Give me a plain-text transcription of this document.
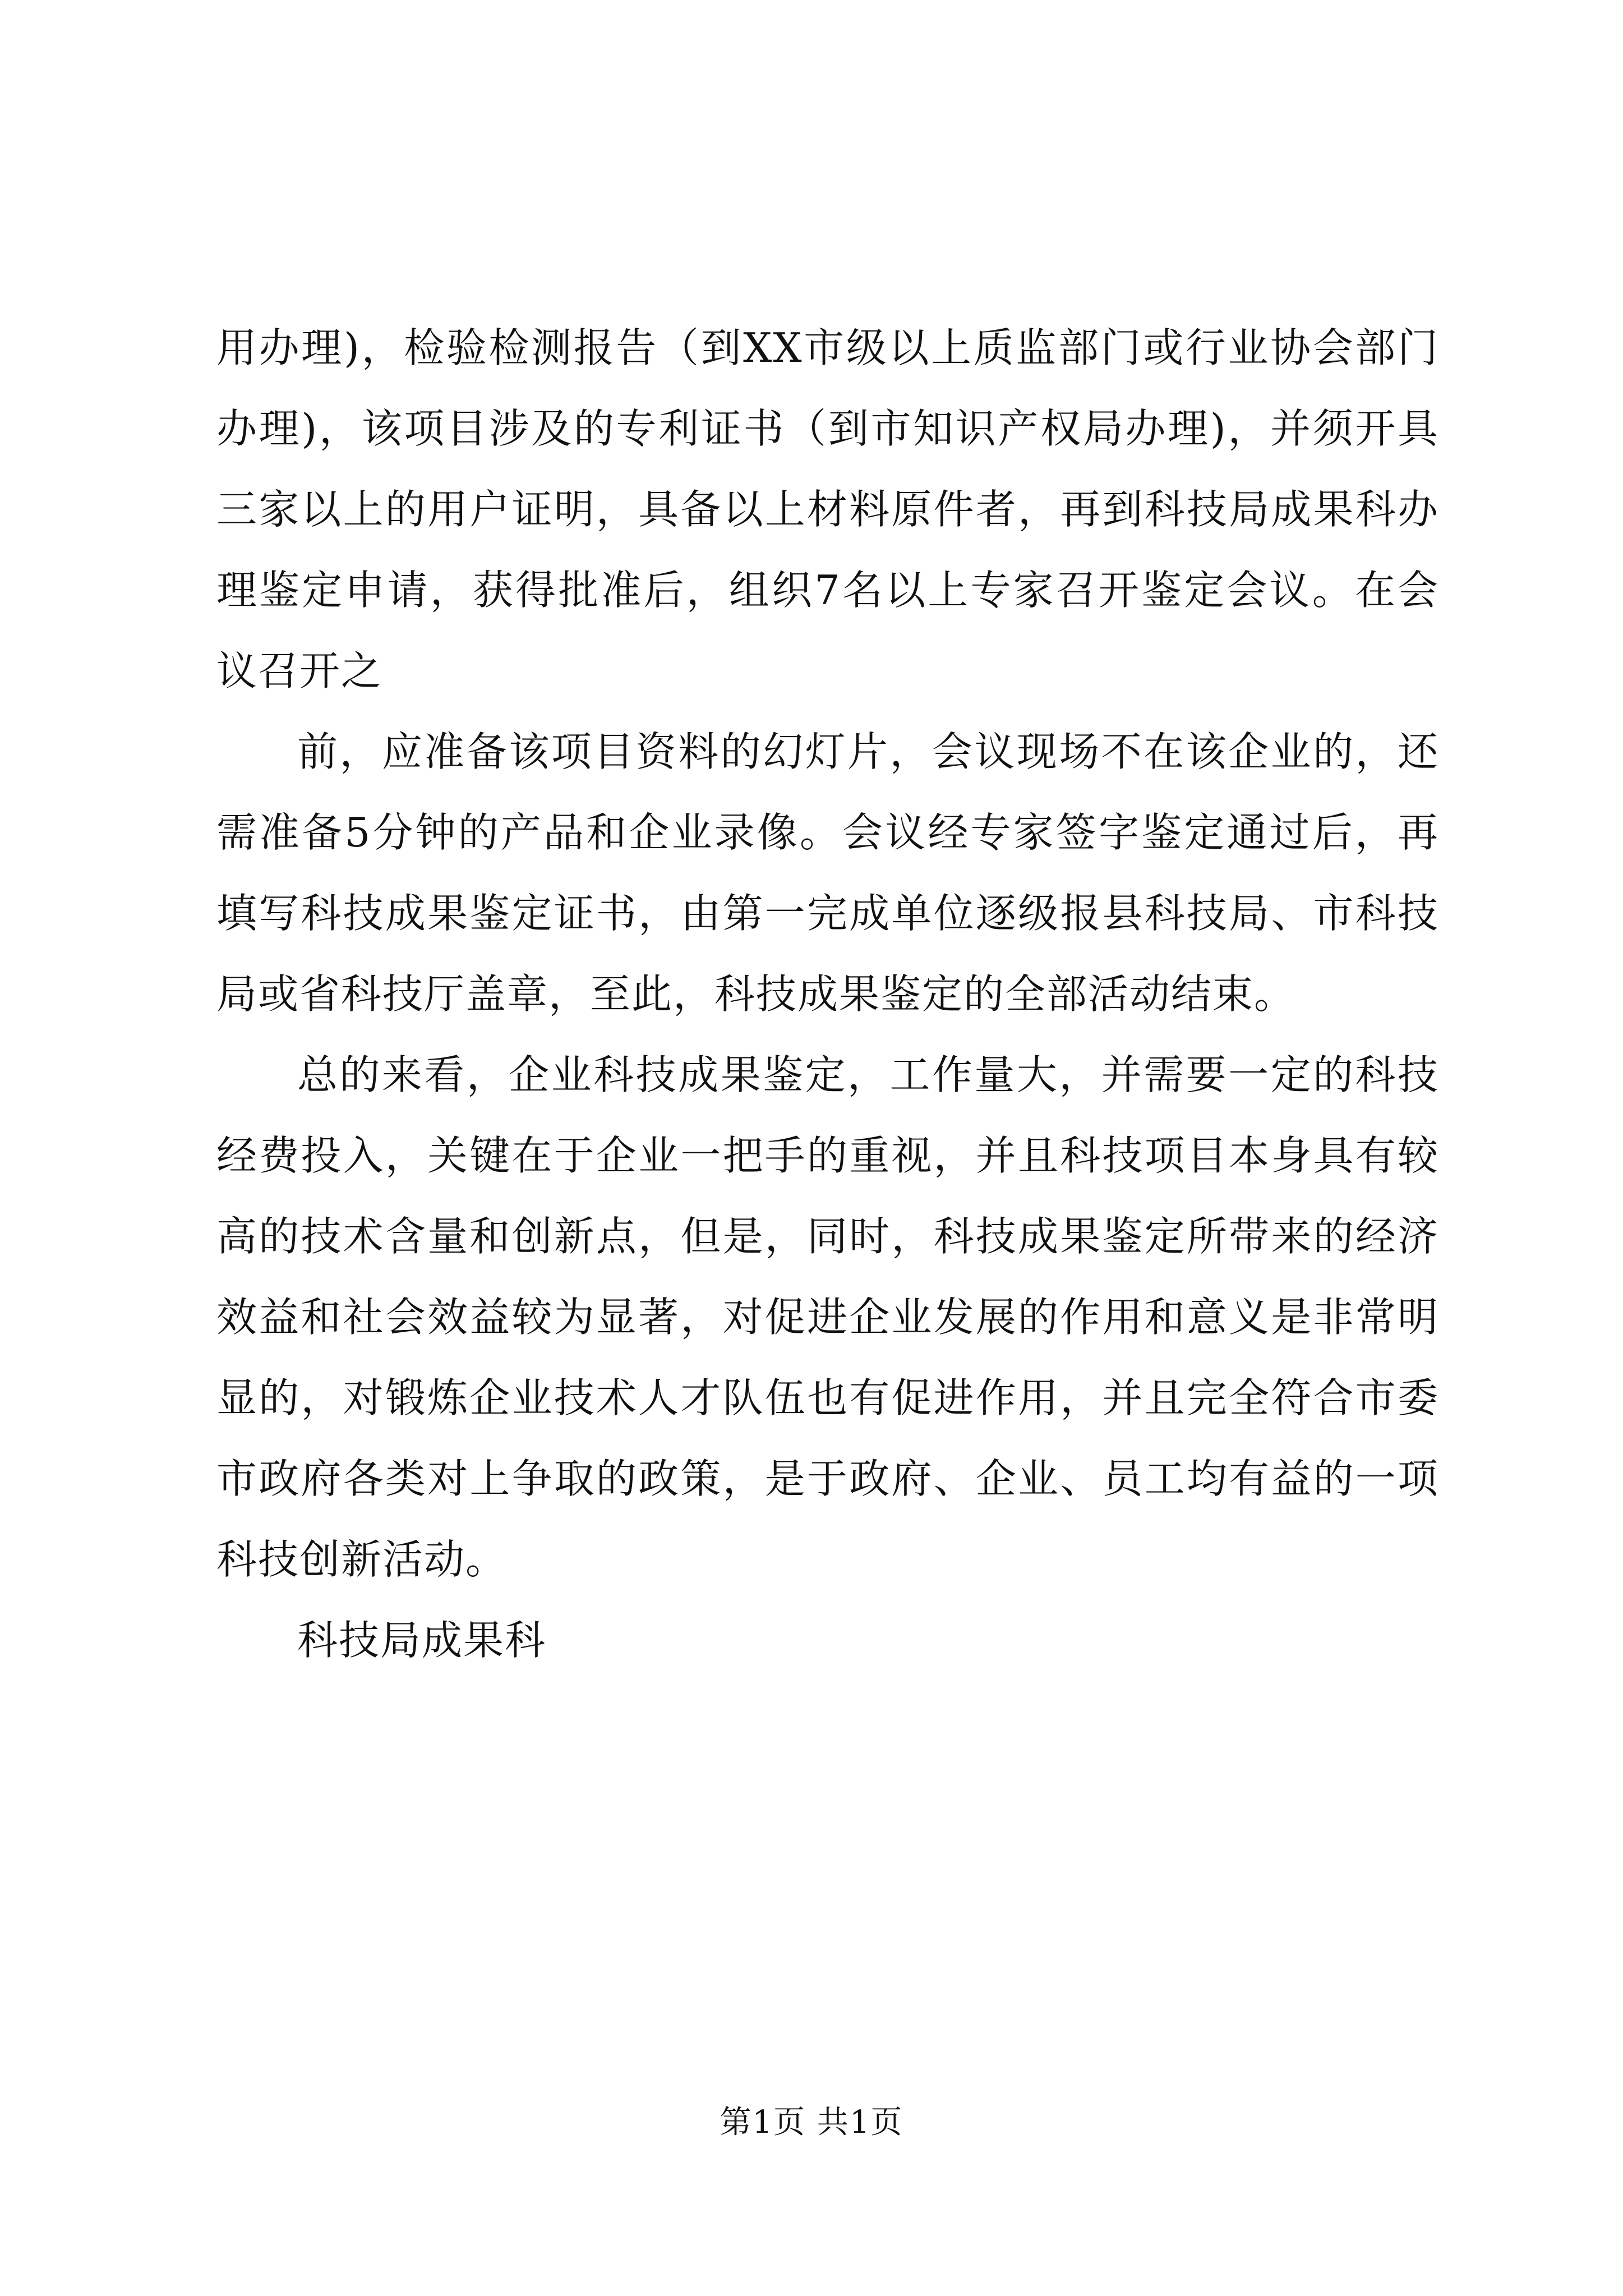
用办理)，检验检测报告（到XX市级以上质监部门或行业协会部门办理)，该项目涉及的专利证书（到市知识产权局办理)，并须开具三家以上的用户证明，具备以上材料原件者，再到科技局成果科办理鉴定申请，获得批准后，组织7名以上专家召开鉴定会议。在会议召开之

前，应准备该项目资料的幻灯片，会议现场不在该企业的，还需准备5分钟的产品和企业录像。会议经专家签字鉴定通过后，再填写科技成果鉴定证书，由第一完成单位逐级报县科技局、市科技局或省科技厅盖章，至此，科技成果鉴定的全部活动结束。

总的来看，企业科技成果鉴定，工作量大，并需要一定的科技经费投入，关键在于企业一把手的重视，并且科技项目本身具有较高的技术含量和创新点，但是，同时，科技成果鉴定所带来的经济效益和社会效益较为显著，对促进企业发展的作用和意义是非常明显的，对锻炼企业技术人才队伍也有促进作用，并且完全符合市委市政府各类对上争取的政策，是于政府、企业、员工均有益的一项科技创新活动。

科技局成果科

第1页 共1页
